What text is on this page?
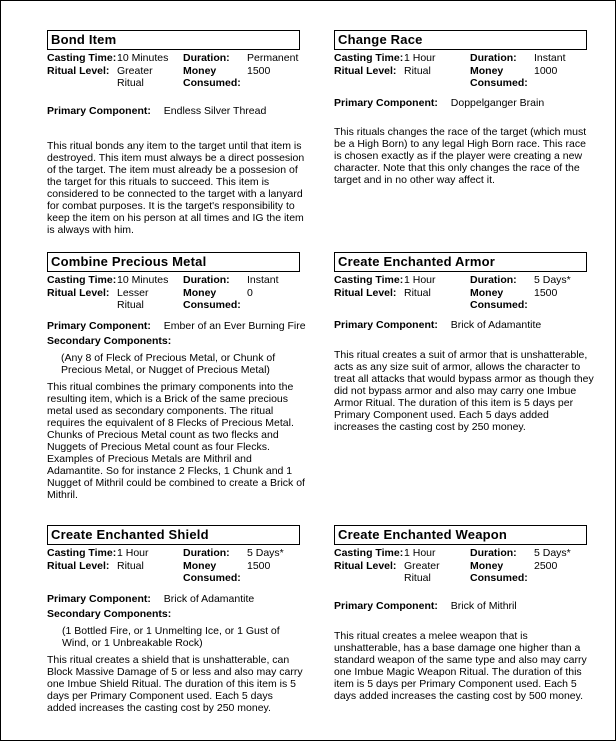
Bond Item
Casting Time: 10 Minutes	Duration:	Permanent
Ritual Level: Greater Ritual
Money Consumed:
1500
Primary Component: Endless Silver Thread
This ritual bonds any item to the target until that item is destroyed. This item must always be a direct possesion of the target. The item must already be a possesion of the target for this rituals to succeed. This item is considered to be connected to the target with a lanyard for combat purposes. It is the target's responsibility to keep the item on his person at all times and IG the item is always with him.
Change Race
Casting Time: 1 Hour	Duration:	Instant
Ritual Level: Ritual	Money Consumed:
1000
Primary Component: Doppelganger Brain
This rituals changes the race of the target (which must be a High Born) to any legal High Born race. This race is chosen exactly as if the player were creating a new character. Note that this only changes the race of the target and in no other way affect it.
Combine Precious Metal
Casting Time: 10 Minutes	Duration:	Instant
Ritual Level: Lesser Ritual
Money Consumed:
0
Primary Component: Ember of an Ever Burning Fire
Secondary Components:
(Any 8 of Fleck of Precious Metal, or Chunk of Precious Metal, or Nugget of Precious Metal)
This ritual combines the primary components into the resulting item, which is a Brick of the same precious metal used as secondary components. The ritual requires the equivalent of 8 Flecks of Precious Metal. Chunks of Precious Metal count as two flecks and Nuggets of Precious Metal count as four Flecks. Examples of Precious Metals are Mithril and Adamantite. So for instance 2 Flecks, 1 Chunk and 1 Nugget of Mithril could be combined to create a Brick of Mithril.
Create Enchanted Armor
Casting Time: 1 Hour	Duration:	5 Days*
Ritual Level: Ritual	Money Consumed:
1500
Primary Component: Brick of Adamantite
This ritual creates a suit of armor that is unshatterable, acts as any size suit of armor, allows the character to treat all attacks that would bypass armor as though they did not bypass armor and also may carry one Imbue Armor Ritual. The duration of this item is 5 days per Primary Component used. Each 5 days added increases the casting cost by 250 money.
Create Enchanted Shield
Casting Time: 1 Hour	Duration:	5 Days*
Ritual Level: Ritual	Money Consumed:
1500
Primary Component: Brick of Adamantite
Secondary Components:
(1 Bottled Fire, or 1 Unmelting Ice, or 1 Gust of Wind, or 1 Unbreakable Rock)
This ritual creates a shield that is unshatterable, can Block Massive Damage of 5 or less and also may carry one Imbue Shield Ritual. The duration of this item is 5 days per Primary Component used. Each 5 days added increases the casting cost by 250 money.
Create Enchanted Weapon
Casting Time: 1 Hour	Duration:	5 Days*
Ritual Level: Greater Ritual
Money Consumed:
2500
Primary Component: Brick of Mithril
This ritual creates a melee weapon that is unshatterable, has a base damage one higher than a standard weapon of the same type and also may carry one Imbue Magic Weapon Ritual. The duration of this item is 5 days per Primary Component used. Each 5 days added increases the casting cost by 500 money.
